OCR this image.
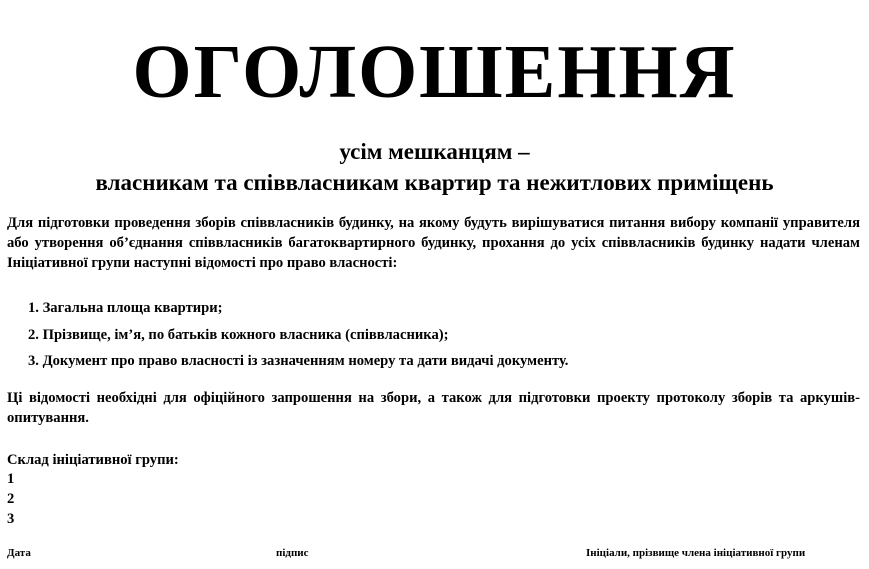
ОГОЛОШЕННЯ

усім мешканцям –

власникам та співвласникам квартир та нежитлових приміщень

Для підготовки проведення зборів співвласників будинку, на якому будуть вирішуватися питання вибору компанії управителя або утворення об’єднання співвласників багатоквартирного будинку, прохання до усіх співвласників будинку надати членам Ініціативної групи наступні відомості про право власності:

1. Загальна площа квартири;
2. Прізвище, ім’я, по батьків кожного власника (співвласника);
3. Документ про право власності із зазначенням номеру та дати видачі документу.

Ці відомості необхідні для офіційного запрошення на збори, а також для підготовки проекту протоколу зборів та аркушів-опитування.

Склад ініціативної групи:

1
2
3
Дата	підпис	Ініціали, прізвище члена ініціативної групи
